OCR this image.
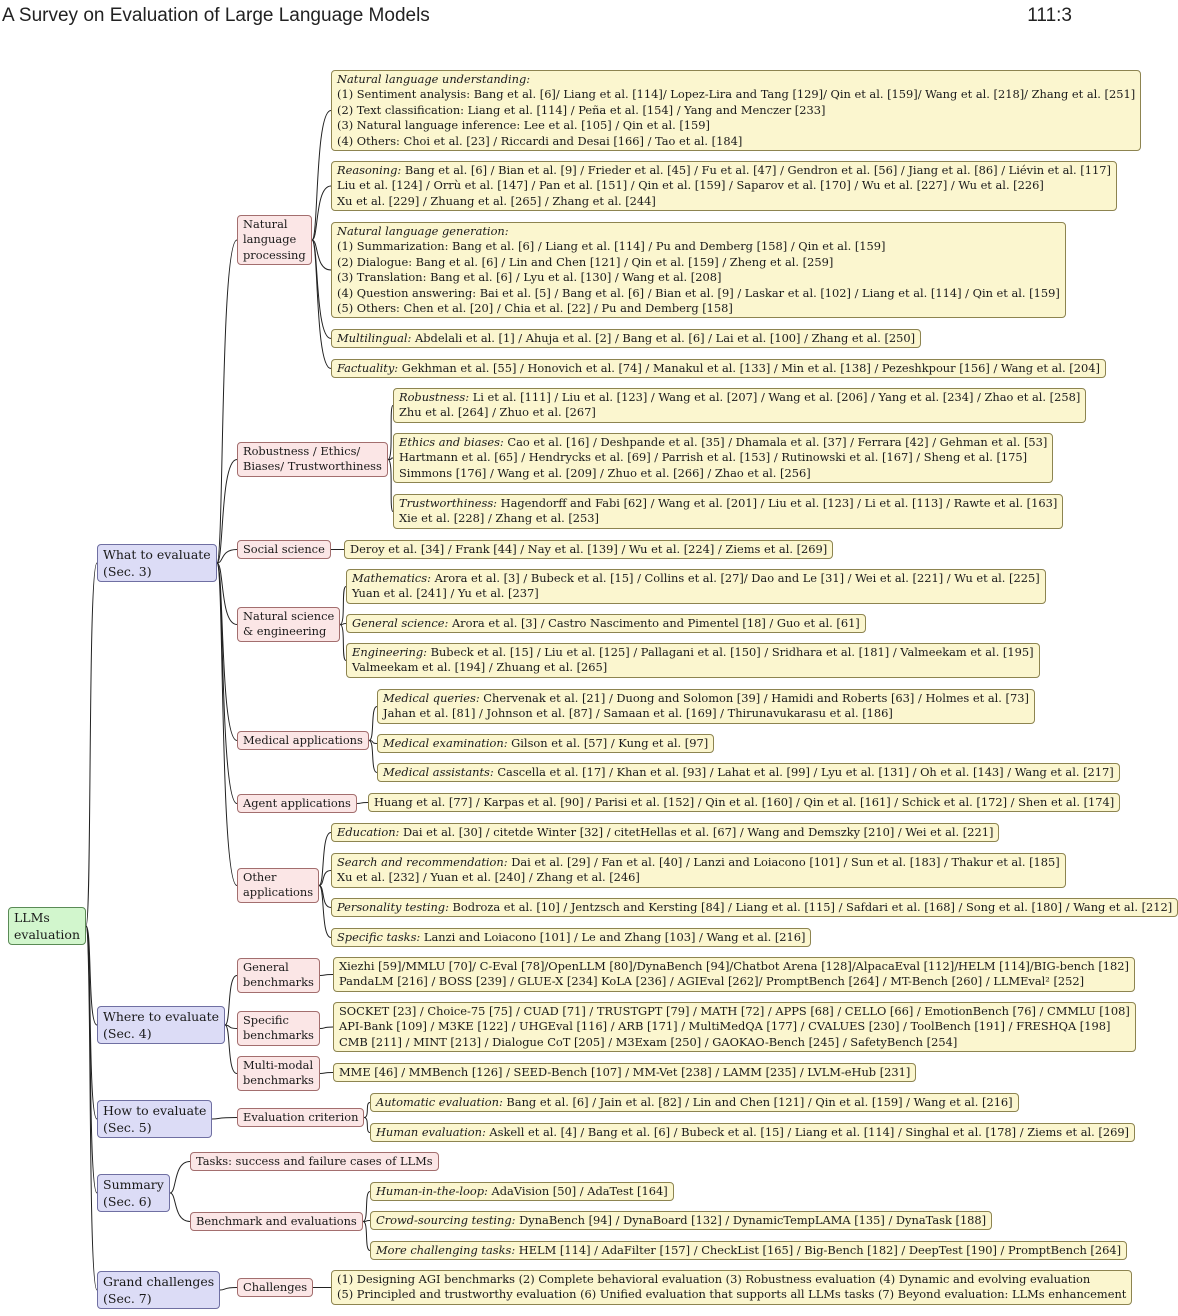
A Survey on Evaluation of Large Language Models	111:3
LLMs
evaluation
What to evaluate
(Sec. 3)
Where to evaluate
(Sec. 4)
How to evaluate
(Sec. 5)
Summary
(Sec. 6)
Grand challenges
(Sec. 7)
Natural
language
processing
Robustness / Ethics/
Biases/ Trustworthiness
Social science
Natural science
& engineering
Medical applications
Agent applications
Other
applications
General
benchmarks
Specific
benchmarks
Multi-modal
benchmarks
Evaluation criterion
Tasks: success and failure cases of LLMs
Benchmark and evaluations
Challenges
Natural language understanding:
(1) Sentiment analysis: Bang et al. [6]/ Liang et al. [114]/ Lopez-Lira and Tang [129]/ Qin et al. [159]/ Wang et al. [218]/ Zhang et al. [251]
(2) Text classification: Liang et al. [114] / Peña et al. [154] / Yang and Menczer [233]
(3) Natural language inference: Lee et al. [105] / Qin et al. [159]
(4) Others: Choi et al. [23] / Riccardi and Desai [166] / Tao et al. [184]
Reasoning: Bang et al. [6] / Bian et al. [9] / Frieder et al. [45] / Fu et al. [47] / Gendron et al. [56] / Jiang et al. [86] / Liévin et al. [117]
Liu et al. [124] / Orrù et al. [147] / Pan et al. [151] / Qin et al. [159] / Saparov et al. [170] / Wu et al. [227] / Wu et al. [226]
Xu et al. [229] / Zhuang et al. [265] / Zhang et al. [244]
Natural language generation:
(1) Summarization: Bang et al. [6] / Liang et al. [114] / Pu and Demberg [158] / Qin et al. [159]
(2) Dialogue: Bang et al. [6] / Lin and Chen [121] / Qin et al. [159] / Zheng et al. [259]
(3) Translation: Bang et al. [6] / Lyu et al. [130] / Wang et al. [208]
(4) Question answering: Bai et al. [5] / Bang et al. [6] / Bian et al. [9] / Laskar et al. [102] / Liang et al. [114] / Qin et al. [159]
(5) Others: Chen et al. [20] / Chia et al. [22] / Pu and Demberg [158]
Multilingual: Abdelali et al. [1] / Ahuja et al. [2] / Bang et al. [6] / Lai et al. [100] / Zhang et al. [250]
Factuality: Gekhman et al. [55] / Honovich et al. [74] / Manakul et al. [133] / Min et al. [138] / Pezeshkpour [156] / Wang et al. [204]
Robustness: Li et al. [111] / Liu et al. [123] / Wang et al. [207] / Wang et al. [206] / Yang et al. [234] / Zhao et al. [258]
Zhu et al. [264] / Zhuo et al. [267]
Ethics and biases: Cao et al. [16] / Deshpande et al. [35] / Dhamala et al. [37] / Ferrara [42] / Gehman et al. [53]
Hartmann et al. [65] / Hendrycks et al. [69] / Parrish et al. [153] / Rutinowski et al. [167] / Sheng et al. [175]
Simmons [176] / Wang et al. [209] / Zhuo et al. [266] / Zhao et al. [256]
Trustworthiness: Hagendorff and Fabi [62] / Wang et al. [201] / Liu et al. [123] / Li et al. [113] / Rawte et al. [163]
Xie et al. [228] / Zhang et al. [253]
Deroy et al. [34] / Frank [44] / Nay et al. [139] / Wu et al. [224] / Ziems et al. [269]
Mathematics: Arora et al. [3] / Bubeck et al. [15] / Collins et al. [27]/ Dao and Le [31] / Wei et al. [221] / Wu et al. [225]
Yuan et al. [241] / Yu et al. [237]
General science: Arora et al. [3] / Castro Nascimento and Pimentel [18] / Guo et al. [61]
Engineering: Bubeck et al. [15] / Liu et al. [125] / Pallagani et al. [150] / Sridhara et al. [181] / Valmeekam et al. [195]
Valmeekam et al. [194] / Zhuang et al. [265]
Medical queries: Chervenak et al. [21] / Duong and Solomon [39] / Hamidi and Roberts [63] / Holmes et al. [73]
Jahan et al. [81] / Johnson et al. [87] / Samaan et al. [169] / Thirunavukarasu et al. [186]
Medical examination: Gilson et al. [57] / Kung et al. [97]
Medical assistants: Cascella et al. [17] / Khan et al. [93] / Lahat et al. [99] / Lyu et al. [131] / Oh et al. [143] / Wang et al. [217]
Huang et al. [77] / Karpas et al. [90] / Parisi et al. [152] / Qin et al. [160] / Qin et al. [161] / Schick et al. [172] / Shen et al. [174]
Education: Dai et al. [30] / citetde Winter [32] / citetHellas et al. [67] / Wang and Demszky [210] / Wei et al. [221]
Search and recommendation: Dai et al. [29] / Fan et al. [40] / Lanzi and Loiacono [101] / Sun et al. [183] / Thakur et al. [185]
Xu et al. [232] / Yuan et al. [240] / Zhang et al. [246]
Personality testing: Bodroza et al. [10] / Jentzsch and Kersting [84] / Liang et al. [115] / Safdari et al. [168] / Song et al. [180] / Wang et al. [212]
Specific tasks: Lanzi and Loiacono [101] / Le and Zhang [103] / Wang et al. [216]
Xiezhi [59]/MMLU [70]/ C-Eval [78]/OpenLLM [80]/DynaBench [94]/Chatbot Arena [128]/AlpacaEval [112]/HELM [114]/BIG-bench [182]
PandaLM [216] / BOSS [239] / GLUE-X [234] KoLA [236] / AGIEval [262]/ PromptBench [264] / MT-Bench [260] / LLMEval² [252]
SOCKET [23] / Choice-75 [75] / CUAD [71] / TRUSTGPT [79] / MATH [72] / APPS [68] / CELLO [66] / EmotionBench [76] / CMMLU [108]
API-Bank [109] / M3KE [122] / UHGEval [116] / ARB [171] / MultiMedQA [177] / CVALUES [230] / ToolBench [191] / FRESHQA [198]
CMB [211] / MINT [213] / Dialogue CoT [205] / M3Exam [250] / GAOKAO-Bench [245] / SafetyBench [254]
MME [46] / MMBench [126] / SEED-Bench [107] / MM-Vet [238] / LAMM [235] / LVLM-eHub [231]
Automatic evaluation: Bang et al. [6] / Jain et al. [82] / Lin and Chen [121] / Qin et al. [159] / Wang et al. [216]
Human evaluation: Askell et al. [4] / Bang et al. [6] / Bubeck et al. [15] / Liang et al. [114] / Singhal et al. [178] / Ziems et al. [269]
Human-in-the-loop: AdaVision [50] / AdaTest [164]
Crowd-sourcing testing: DynaBench [94] / DynaBoard [132] / DynamicTempLAMA [135] / DynaTask [188]
More challenging tasks: HELM [114] / AdaFilter [157] / CheckList [165] / Big-Bench [182] / DeepTest [190] / PromptBench [264]
(1) Designing AGI benchmarks (2) Complete behavioral evaluation (3) Robustness evaluation (4) Dynamic and evolving evaluation
(5) Principled and trustworthy evaluation (6) Unified evaluation that supports all LLMs tasks (7) Beyond evaluation: LLMs enhancement
